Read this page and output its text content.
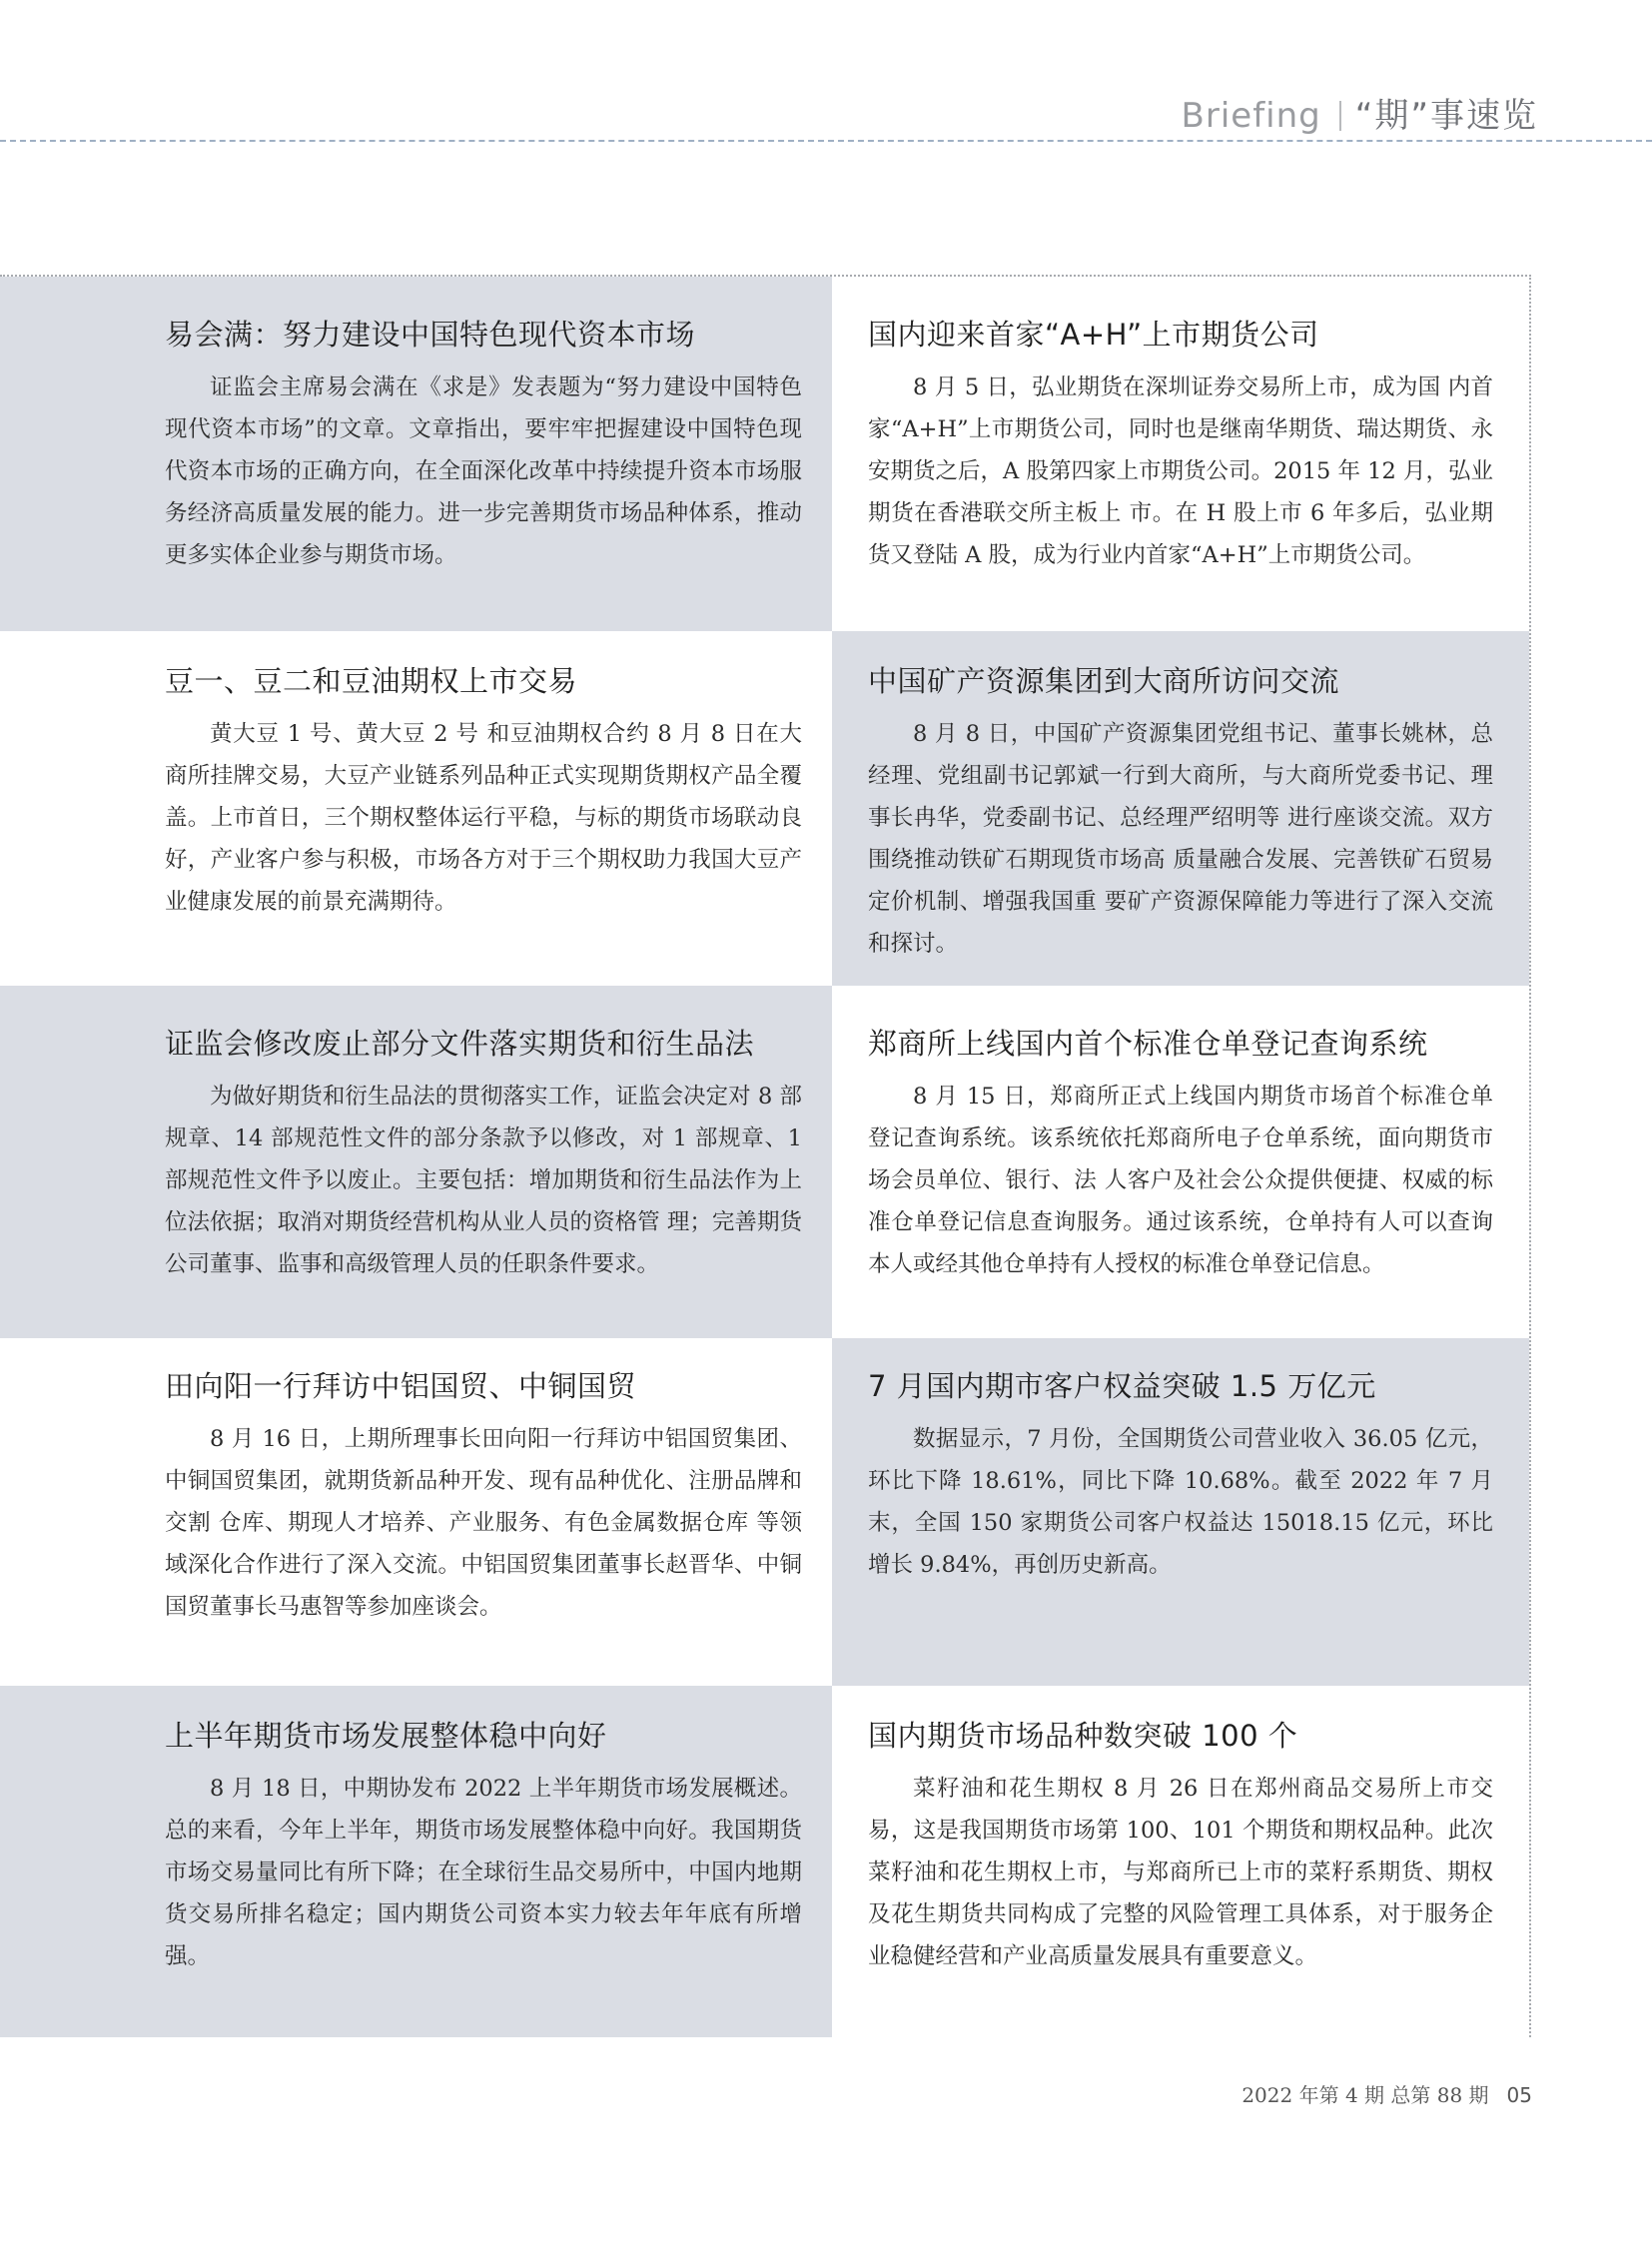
Briefing “期”事速览
易会满：努力建设中国特色现代资本市场

证监会主席易会满在《求是》发表题为“努力建设中国特色现代资本市场”的文章。文章指出，要牢牢把握建设中国特色现代资本市场的正确方向，在全面深化改革中持续提升资本市场服务经济高质量发展的能力。进一步完善期货市场品种体系，推动更多实体企业参与期货市场。

国内迎来首家“A+H”上市期货公司

8 月 5 日，弘业期货在深圳证券交易所上市，成为国 内首家“A+H”上市期货公司，同时也是继南华期货、瑞达期货、永安期货之后，A 股第四家上市期货公司。2015 年 12 月，弘业期货在香港联交所主板上 市。在 H 股上市 6 年多后，弘业期货又登陆 A 股，成为行业内首家“A+H”上市期货公司。

豆一、豆二和豆油期权上市交易

黄大豆 1 号、黄大豆 2 号 和豆油期权合约 8 月 8 日在大商所挂牌交易，大豆产业链系列品种正式实现期货期权产品全覆盖。上市首日，三个期权整体运行平稳，与标的期货市场联动良好，产业客户参与积极，市场各方对于三个期权助力我国大豆产业健康发展的前景充满期待。

中国矿产资源集团到大商所访问交流

8 月 8 日，中国矿产资源集团党组书记、董事长姚林，总经理、党组副书记郭斌一行到大商所，与大商所党委书记、理事长冉华，党委副书记、总经理严绍明等 进行座谈交流。双方围绕推动铁矿石期现货市场高 质量融合发展、完善铁矿石贸易定价机制、增强我国重 要矿产资源保障能力等进行了深入交流和探讨。

证监会修改废止部分文件落实期货和衍生品法

为做好期货和衍生品法的贯彻落实工作，证监会决定对 8 部规章、14 部规范性文件的部分条款予以修改，对 1 部规章、1 部规范性文件予以废止。主要包括：增加期货和衍生品法作为上位法依据；取消对期货经营机构从业人员的资格管 理；完善期货公司董事、监事和高级管理人员的任职条件要求。

郑商所上线国内首个标准仓单登记查询系统

8 月 15 日，郑商所正式上线国内期货市场首个标准仓单登记查询系统。该系统依托郑商所电子仓单系统，面向期货市场会员单位、银行、法 人客户及社会公众提供便捷、权威的标准仓单登记信息查询服务。通过该系统，仓单持有人可以查询本人或经其他仓单持有人授权的标准仓单登记信息。

田向阳一行拜访中铝国贸、中铜国贸

8 月 16 日，上期所理事长田向阳一行拜访中铝国贸集团、中铜国贸集团，就期货新品种开发、现有品种优化、注册品牌和交割 仓库、期现人才培养、产业服务、有色金属数据仓库 等领域深化合作进行了深入交流。中铝国贸集团董事长赵晋华、中铜国贸董事长马惠智等参加座谈会。

7 月国内期市客户权益突破 1.5 万亿元

数据显示，7 月份，全国期货公司营业收入 36.05 亿元，环比下降 18.61%，同比下降 10.68%。截至 2022 年 7 月末，全国 150 家期货公司客户权益达 15018.15 亿元，环比增长 9.84%，再创历史新高。

上半年期货市场发展整体稳中向好

8 月 18 日，中期协发布 2022 上半年期货市场发展概述。总的来看，今年上半年，期货市场发展整体稳中向好。我国期货市场交易量同比有所下降；在全球衍生品交易所中，中国内地期货交易所排名稳定；国内期货公司资本实力较去年年底有所增强。

国内期货市场品种数突破 100 个

菜籽油和花生期权 8 月 26 日在郑州商品交易所上市交易，这是我国期货市场第 100、101 个期货和期权品种。此次菜籽油和花生期权上市，与郑商所已上市的菜籽系期货、期权及花生期货共同构成了完整的风险管理工具体系，对于服务企业稳健经营和产业高质量发展具有重要意义。

2022 年第 4 期 总第 88 期 05
